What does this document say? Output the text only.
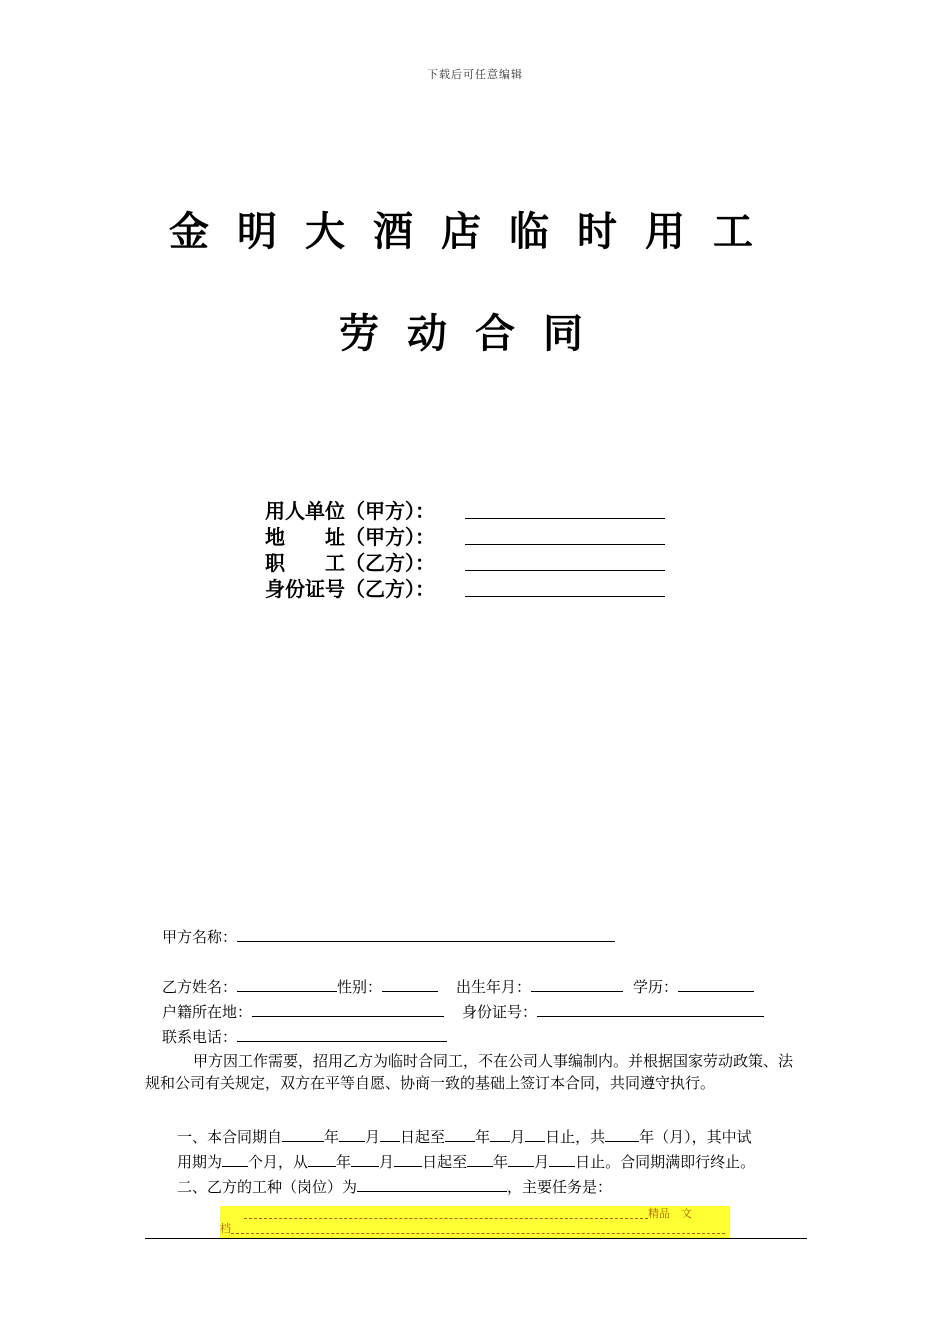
下载后可任意编辑
金明大酒店临时用工
劳动合同
用人单位（甲方）：
地　　址（甲方）：
职　　工（乙方）：
身份证号（乙方）：
甲方名称：
乙方姓名：	性别：	出生年月：	学历：
户籍所在地：	身份证号：
联系电话：
甲方因工作需要，招用乙方为临时合同工，不在公司人事编制内。并根据国家劳动政策、法规和公司有关规定，双方在平等自愿、协商一致的基础上签订本合同，共同遵守执行。
一、本合同期自	年 月 日起至 年 月 日止，共 年（月），其中试
用期为 个月，从 年 月 日起至 年 月 日止。合同期满即行终止。
二、乙方的工种（岗位）为	，主要任务是：
精品　文
档
